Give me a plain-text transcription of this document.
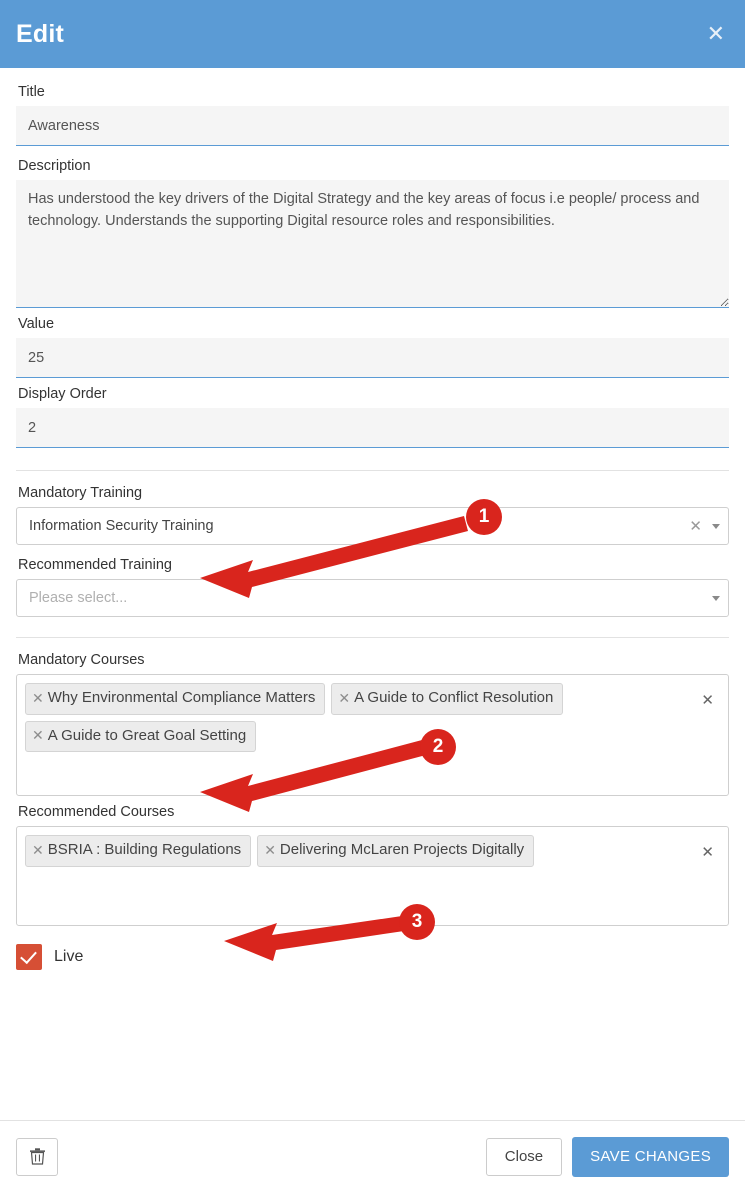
Edit	✕
Title
Awareness
Description
Has understood the key drivers of the Digital Strategy and the key areas of focus i.e people/ process and technology. Understands the supporting Digital resource roles and responsibilities.
Value
25
Display Order
2
Mandatory Training
Information Security Training	✕
Recommended Training
Please select...
Mandatory Courses
✕ Why Environmental Compliance Matters ✕ A Guide to Conflict Resolution
✕ A Guide to Great Goal Setting
✕
Recommended Courses
✕ BSRIA : Building Regulations ✕ Delivering McLaren Projects Digitally	✕
Live
Close	SAVE CHANGES
1
2
3
